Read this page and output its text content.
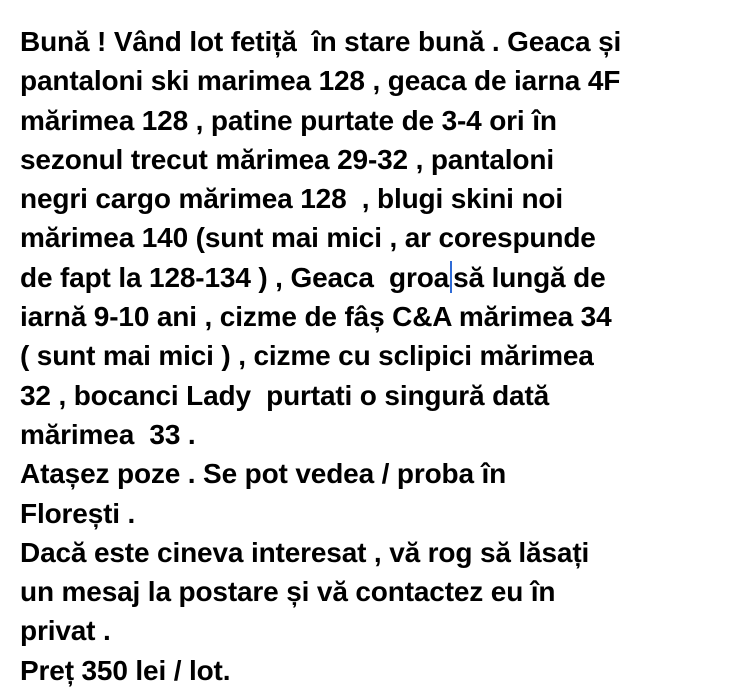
Bună ! Vând lot fetiță  în stare bună . Geaca și
pantaloni ski marimea 128 , geaca de iarna 4F
mărimea 128 , patine purtate de 3-4 ori în
sezonul trecut mărimea 29-32 , pantaloni
negri cargo mărimea 128  , blugi skini noi
mărimea 140 (sunt mai mici , ar corespunde
de fapt la 128-134 ) , Geaca  groa să lungă de
iarnă 9-10 ani , cizme de fâș C&A mărimea 34
( sunt mai mici ) , cizme cu sclipici mărimea
32 , bocanci Lady  purtati o singură dată
mărimea  33 .
Atașez poze . Se pot vedea / proba în
Florești .
Dacă este cineva interesat , vă rog să lăsați
un mesaj la postare și vă contactez eu în
privat .
Preț 350 lei / lot.
